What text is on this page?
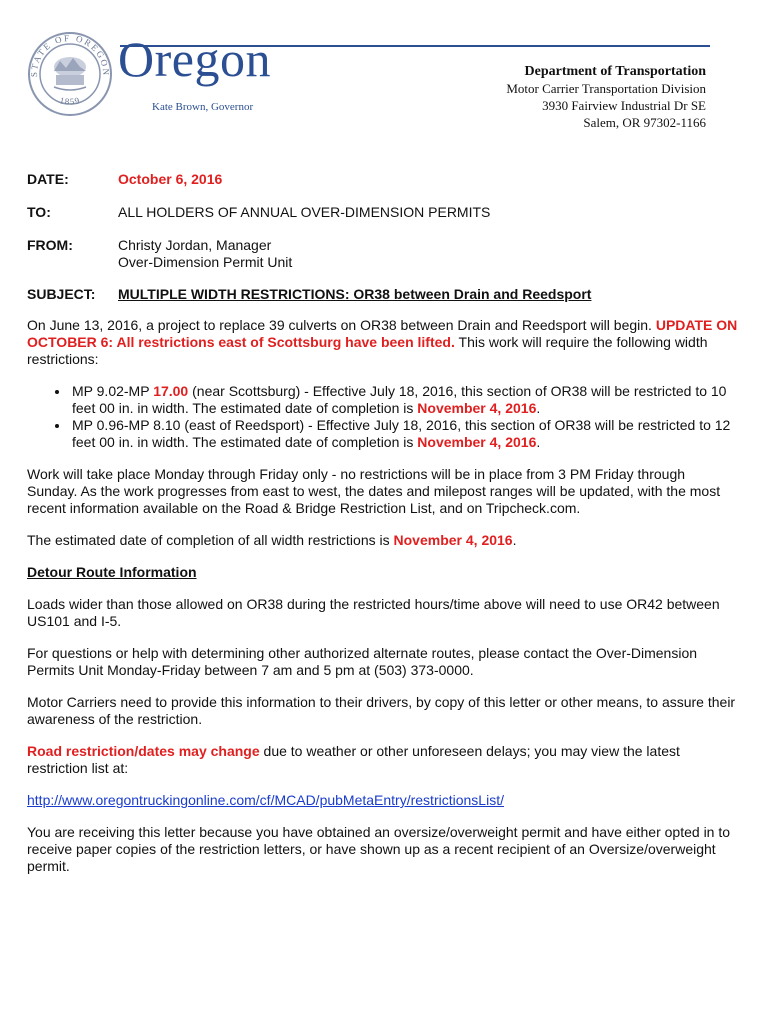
STATE OF OREGON
1859
Oregon
Kate Brown, Governor
Department of Transportation
Motor Carrier Transportation Division
3930 Fairview Industrial Dr SE
Salem, OR 97302-1166
DATE:	October 6, 2016
TO:	ALL HOLDERS OF ANNUAL OVER-DIMENSION PERMITS
FROM:	Christy Jordan, Manager
Over-Dimension Permit Unit
SUBJECT:	MULTIPLE WIDTH RESTRICTIONS: OR38 between Drain and Reedsport

On June 13, 2016, a project to replace 39 culverts on OR38 between Drain and Reedsport will begin. UPDATE ON OCTOBER 6: All restrictions east of Scottsburg have been lifted. This work will require the following width restrictions:

• MP 9.02-MP 17.00 (near Scottsburg) - Effective July 18, 2016, this section of OR38 will be restricted to 10 feet 00 in. in width. The estimated date of completion is November 4, 2016.
• MP 0.96-MP 8.10 (east of Reedsport) - Effective July 18, 2016, this section of OR38 will be restricted to 12 feet 00 in. in width. The estimated date of completion is November 4, 2016.

Work will take place Monday through Friday only - no restrictions will be in place from 3 PM Friday through Sunday. As the work progresses from east to west, the dates and milepost ranges will be updated, with the most recent information available on the Road & Bridge Restriction List, and on Tripcheck.com.

The estimated date of completion of all width restrictions is November 4, 2016.

Detour Route Information

Loads wider than those allowed on OR38 during the restricted hours/time above will need to use OR42 between US101 and I-5.

For questions or help with determining other authorized alternate routes, please contact the Over-Dimension Permits Unit Monday-Friday between 7 am and 5 pm at (503) 373-0000.

Motor Carriers need to provide this information to their drivers, by copy of this letter or other means, to assure their awareness of the restriction.

Road restriction/dates may change due to weather or other unforeseen delays; you may view the latest restriction list at:

http://www.oregontruckingonline.com/cf/MCAD/pubMetaEntry/restrictionsList/

You are receiving this letter because you have obtained an oversize/overweight permit and have either opted in to receive paper copies of the restriction letters, or have shown up as a recent recipient of an Oversize/overweight permit.
